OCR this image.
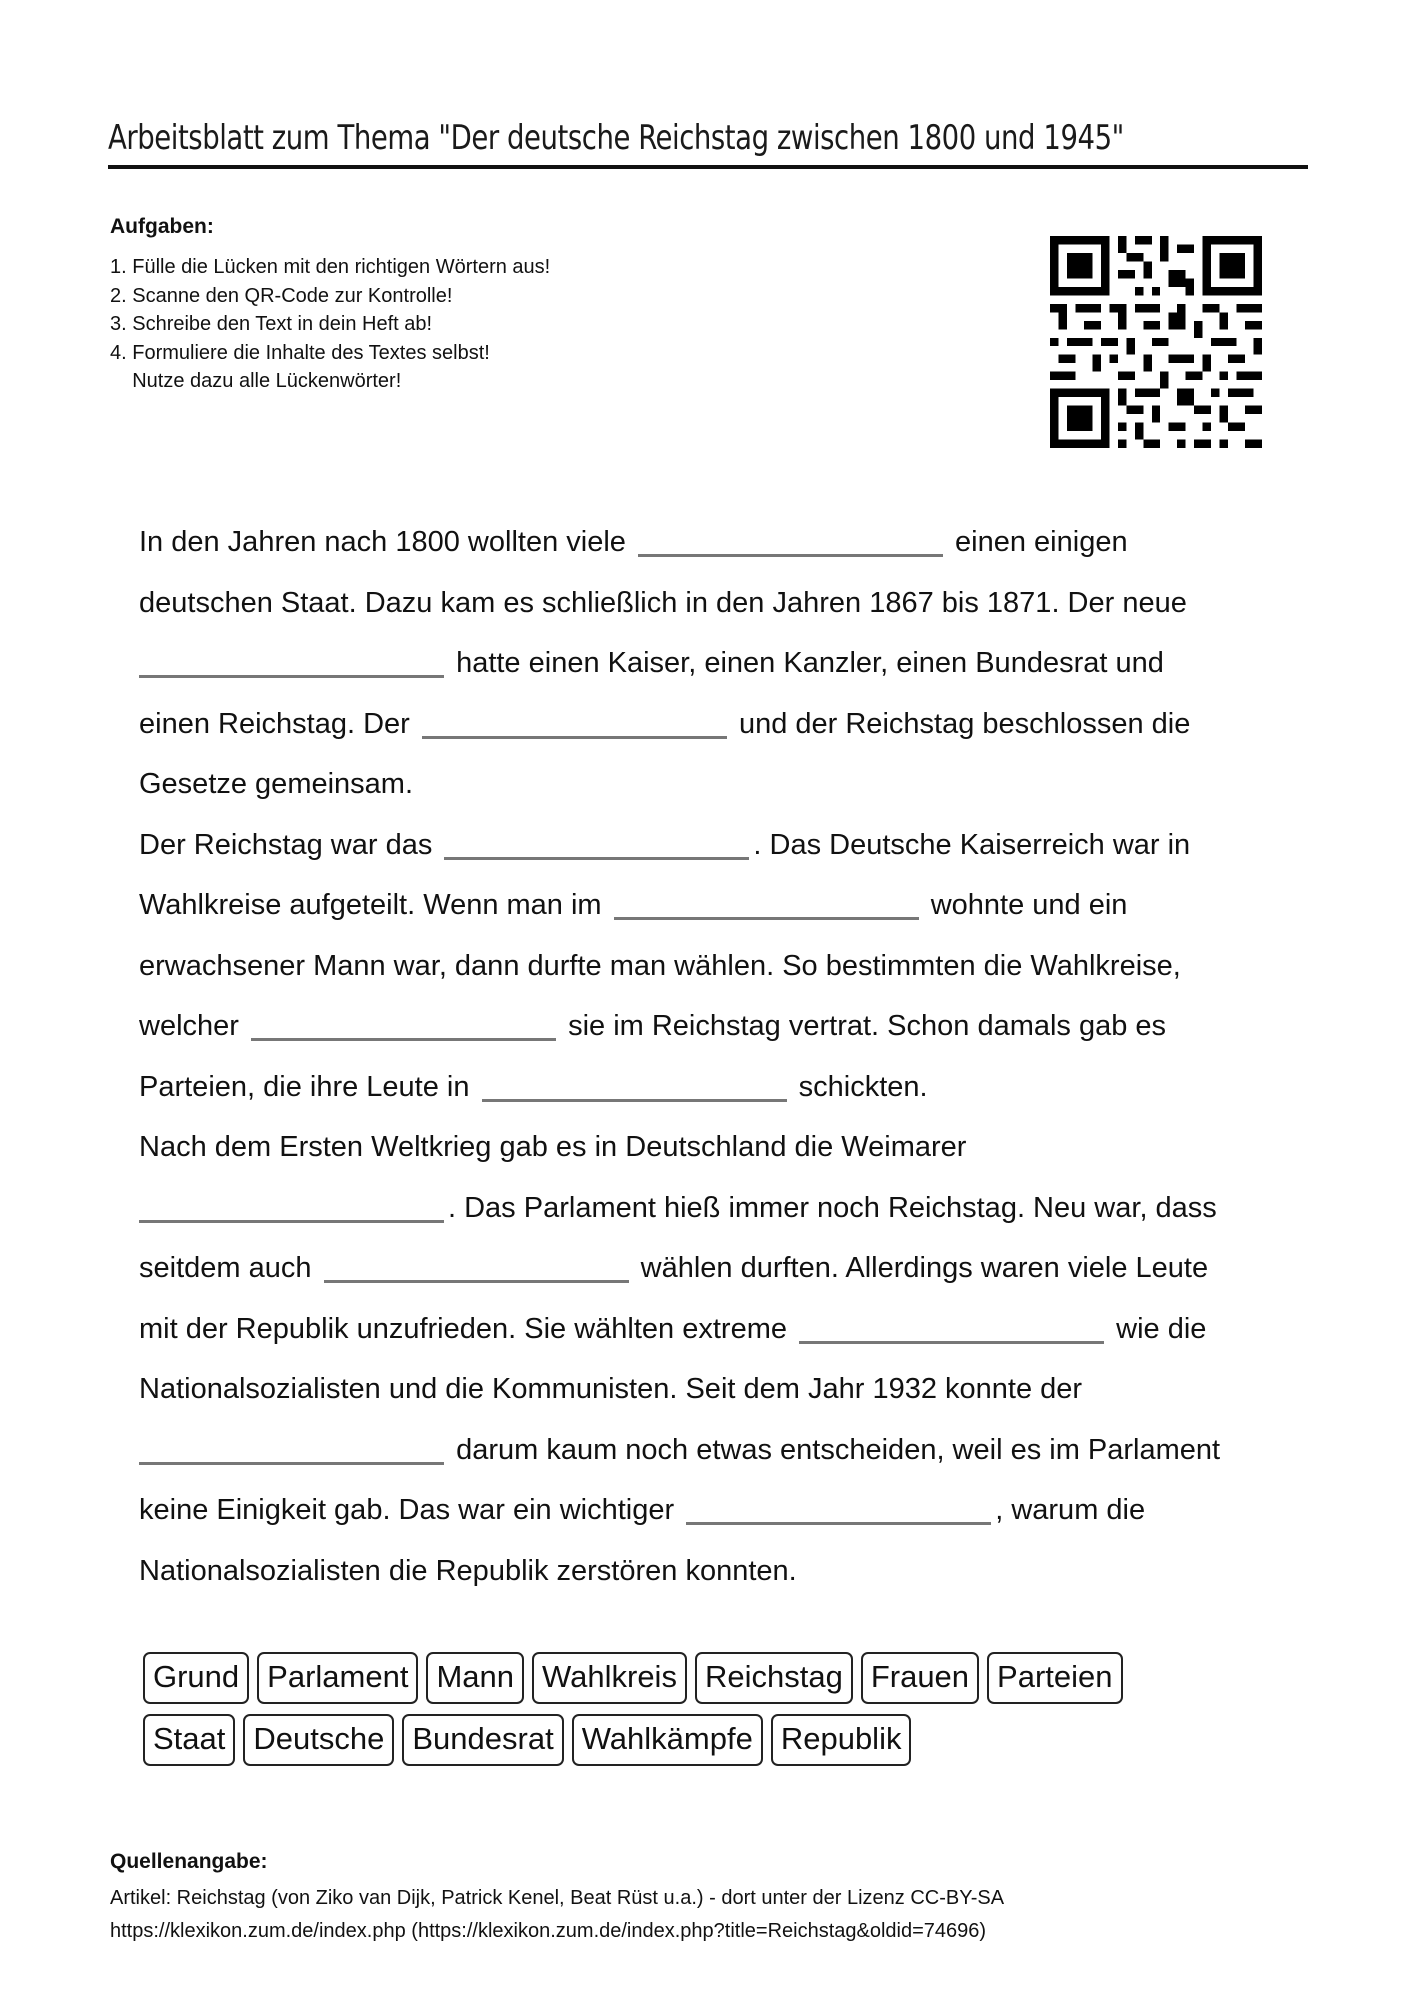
Arbeitsblatt zum Thema "Der deutsche Reichstag zwischen 1800 und 1945"
Aufgaben:
1. Fülle die Lücken mit den richtigen Wörtern aus!
2. Scanne den QR-Code zur Kontrolle!
3. Schreibe den Text in dein Heft ab!
4. Formuliere die Inhalte des Textes selbst!
Nutze dazu alle Lückenwörter!
In den Jahren nach 1800 wollten viele	einen einigen
deutschen Staat. Dazu kam es schließlich in den Jahren 1867 bis 1871. Der neue
hatte einen Kaiser, einen Kanzler, einen Bundesrat und
einen Reichstag. Der	und der Reichstag beschlossen die
Gesetze gemeinsam.
Der Reichstag war das	. Das Deutsche Kaiserreich war in
Wahlkreise aufgeteilt. Wenn man im	wohnte und ein
erwachsener Mann war, dann durfte man wählen. So bestimmten die Wahlkreise,
welcher	sie im Reichstag vertrat. Schon damals gab es
Parteien, die ihre Leute in	schickten.
Nach dem Ersten Weltkrieg gab es in Deutschland die Weimarer
. Das Parlament hieß immer noch Reichstag. Neu war, dass
seitdem auch	wählen durften. Allerdings waren viele Leute
mit der Republik unzufrieden. Sie wählten extreme	wie die
Nationalsozialisten und die Kommunisten. Seit dem Jahr 1932 konnte der
darum kaum noch etwas entscheiden, weil es im Parlament
keine Einigkeit gab. Das war ein wichtiger	, warum die
Nationalsozialisten die Republik zerstören konnten.
Grund Parlament Mann Wahlkreis Reichstag Frauen Parteien
Staat Deutsche Bundesrat Wahlkämpfe Republik
Quellenangabe:
Artikel: Reichstag (von Ziko van Dijk, Patrick Kenel, Beat Rüst u.a.) - dort unter der Lizenz CC-BY-SA
https://klexikon.zum.de/index.php (https://klexikon.zum.de/index.php?title=Reichstag&oldid=74696)
